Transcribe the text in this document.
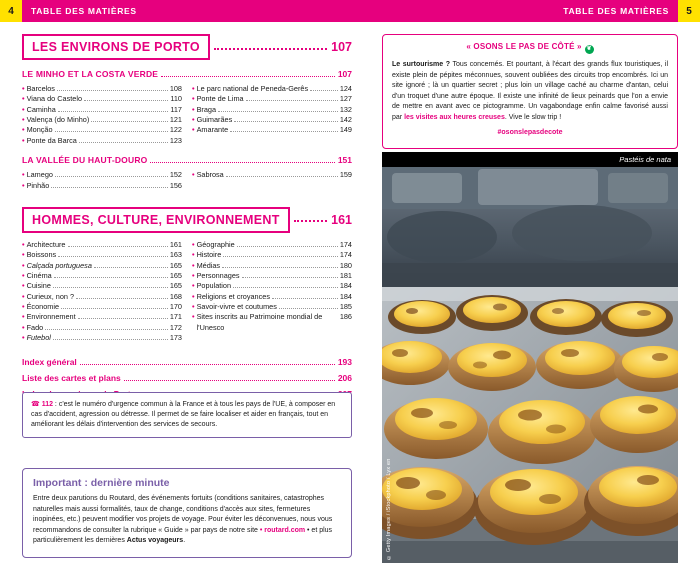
4	TABLE DES MATIÈRES	TABLE DES MATIÈRES	5
LES ENVIRONS DE PORTO	107
LE MINHO ET LA COSTA VERDE	107
• Barcelos	108
• Viana do Castelo	110
• Caminha	117
• Valença (do Minho)	121
• Monção	122
• Ponte da Barca	123
• Le parc national de Peneda-Gerês	124
• Ponte de Lima	127
• Braga	132
• Guimarães	142
• Amarante	149
LA VALLÉE DU HAUT-DOURO	151
• Lamego	152
• Pinhão	156
• Sabrosa	159
HOMMES, CULTURE, ENVIRONNEMENT	161
• Architecture	161
• Boissons	163
• Calçada portuguesa	165
• Cinéma	165
• Cuisine	165
• Curieux, non ?	168
• Économie	170
• Environnement	171
• Fado	172
• Futebol	173
• Géographie	174
• Histoire	174
• Médias	180
• Personnages	181
• Population	184
• Religions et croyances	184
• Savoir-vivre et coutumes	185
• Sites inscrits au Patrimoine mondial de l'Unesco
186
Index général	193
Liste des cartes et plans	206
☎ 112 : c'est le numéro d'urgence commun à la France et à tous les pays de l'UE, à composer en cas d'accident, agression ou détresse. Il permet de se faire localiser et aider en français, tout en améliorant les délais d'intervention des services de secours.
Important : dernière minute
Entre deux parutions du Routard, des événements fortuits (conditions sanitaires, catastrophes naturelles mais aussi formalités, taux de change, conditions d'accès aux sites, fermetures inopinées, etc.) peuvent modifier vos projets de voyage. Pour éviter les déconvenues, nous vous recommandons de consulter la rubrique « Guide » par pays de notre site • routard.com • et plus particulièrement les dernières Actus voyageurs.
« OSONS LE PAS DE CÔTÉ » ❦
Le surtourisme ? Tous concernés. Et pourtant, à l'écart des grands flux touristiques, il existe plein de pépites méconnues, souvent oubliées des circuits trop encombrés. Ici un site ignoré ; là un quartier secret ; plus loin un village caché au charme d'antan, celui d'un troquet d'une autre époque. Il existe une infinité de lieux peinards que l'on a envie de mettre en avant avec ce pictogramme. Un vagabondage enfin calme favorisé aussi par les visites aux heures creuses. Vive le slow trip !
#osonslepasdecote
Pastéis de nata
© Getty Images / iStockphoto / Lyx en
